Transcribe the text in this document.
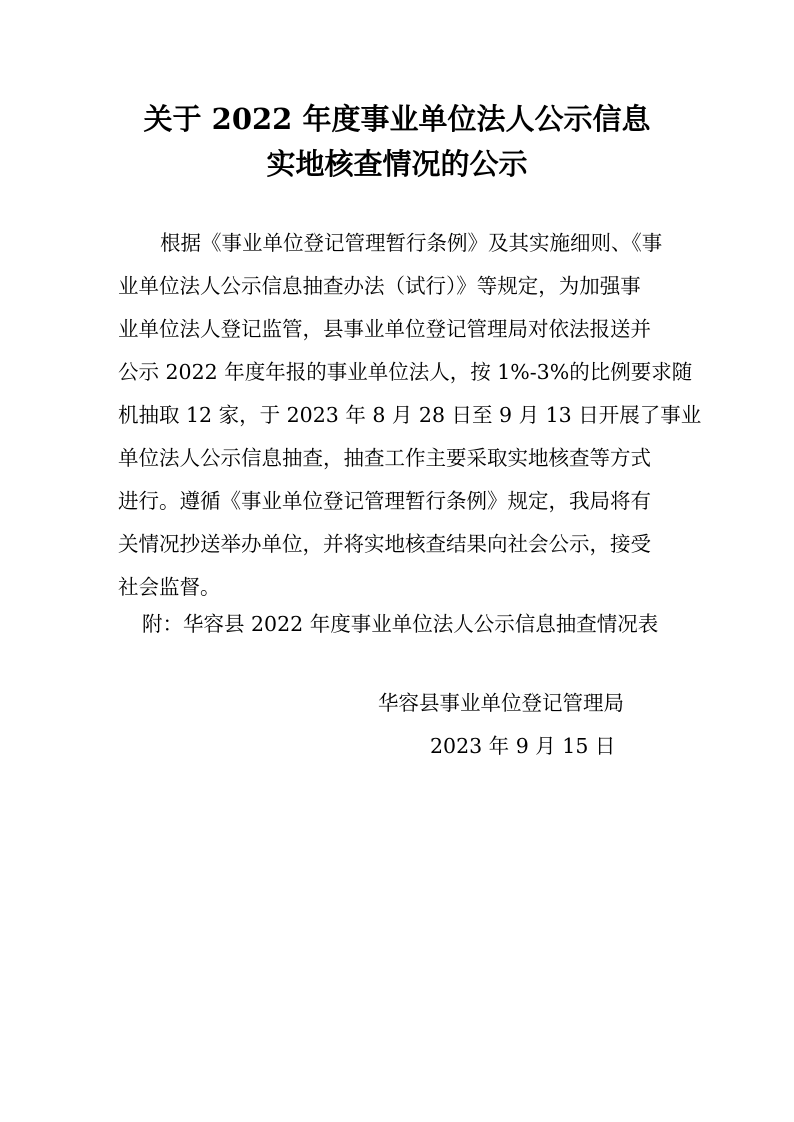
关于 2022 年度事业单位法人公示信息
实地核查情况的公示
根据《事业单位登记管理暂行条例》及其实施细则、《事
业单位法人公示信息抽查办法（试行）》等规定，为加强事
业单位法人登记监管，县事业单位登记管理局对依法报送并
公示 2022 年度年报的事业单位法人，按 1%-3%的比例要求随
机抽取 12 家，于 2023 年 8 月 28 日至 9 月 13 日开展了事业
单位法人公示信息抽查，抽查工作主要采取实地核查等方式
进行。遵循《事业单位登记管理暂行条例》规定，我局将有
关情况抄送举办单位，并将实地核查结果向社会公示，接受
社会监督。
附：华容县 2022 年度事业单位法人公示信息抽查情况表
华容县事业单位登记管理局
2023 年 9 月 15 日
